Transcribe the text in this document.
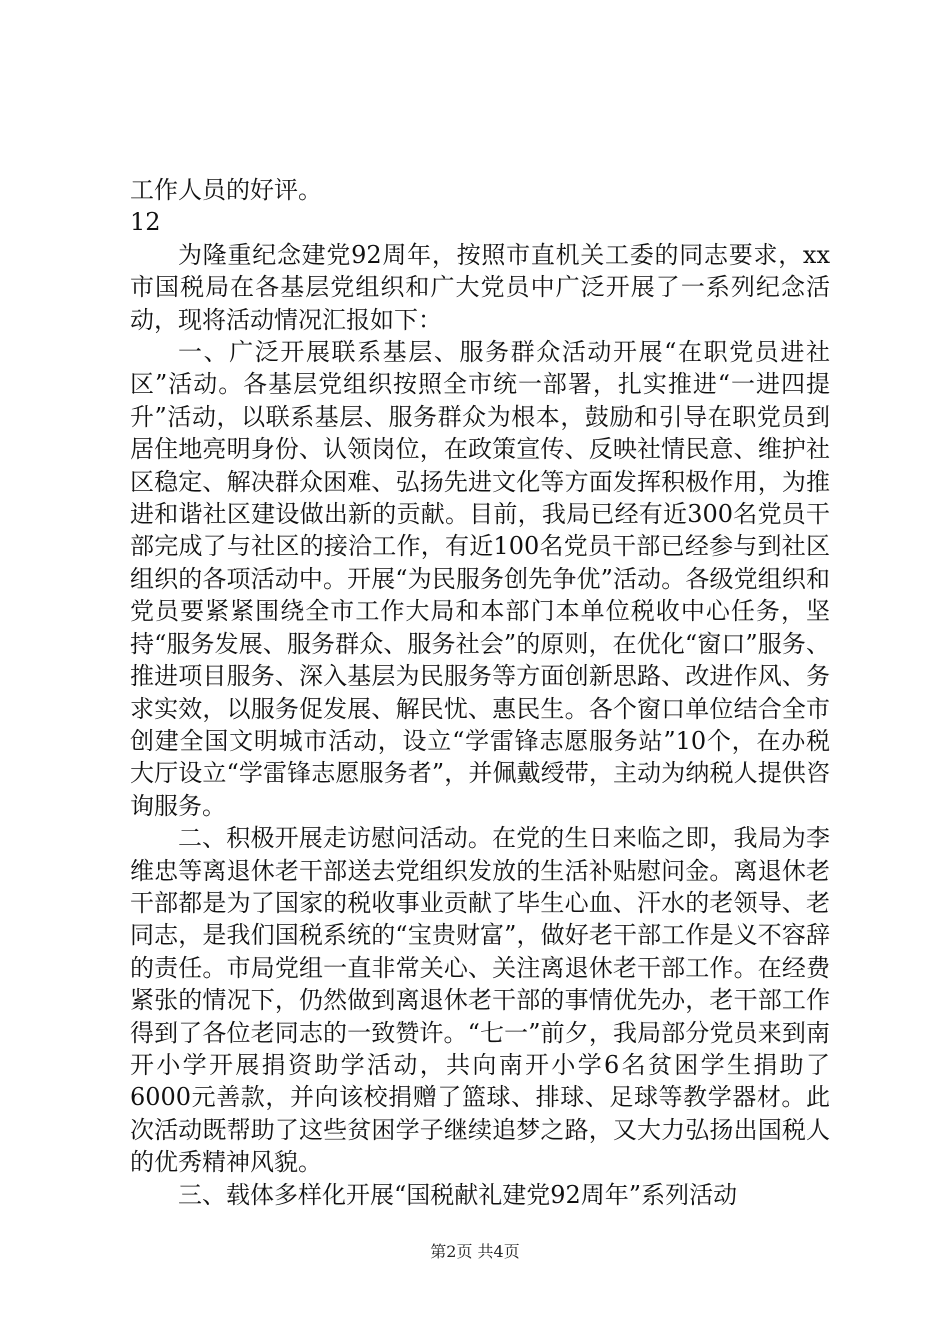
工作人员的好评。

12

为隆重纪念建党92周年，按照市直机关工委的同志要求，xx市国税局在各基层党组织和广大党员中广泛开展了一系列纪念活动，现将活动情况汇报如下：

一、广泛开展联系基层、服务群众活动开展“在职党员进社区”活动。各基层党组织按照全市统一部署，扎实推进“一进四提升”活动，以联系基层、服务群众为根本，鼓励和引导在职党员到居住地亮明身份、认领岗位，在政策宣传、反映社情民意、维护社区稳定、解决群众困难、弘扬先进文化等方面发挥积极作用，为推进和谐社区建设做出新的贡献。目前，我局已经有近300名党员干部完成了与社区的接洽工作，有近100名党员干部已经参与到社区组织的各项活动中。开展“为民服务创先争优”活动。各级党组织和党员要紧紧围绕全市工作大局和本部门本单位税收中心任务，坚持“服务发展、服务群众、服务社会”的原则，在优化“窗口”服务、推进项目服务、深入基层为民服务等方面创新思路、改进作风、务求实效，以服务促发展、解民忧、惠民生。各个窗口单位结合全市创建全国文明城市活动，设立“学雷锋志愿服务站”10个，在办税大厅设立“学雷锋志愿服务者”，并佩戴绶带，主动为纳税人提供咨询服务。

二、积极开展走访慰问活动。在党的生日来临之即，我局为李维忠等离退休老干部送去党组织发放的生活补贴慰问金。离退休老干部都是为了国家的税收事业贡献了毕生心血、汗水的老领导、老同志，是我们国税系统的“宝贵财富”，做好老干部工作是义不容辞的责任。市局党组一直非常关心、关注离退休老干部工作。在经费紧张的情况下，仍然做到离退休老干部的事情优先办，老干部工作得到了各位老同志的一致赞许。“七一”前夕，我局部分党员来到南开小学开展捐资助学活动，共向南开小学6名贫困学生捐助了6000元善款，并向该校捐赠了篮球、排球、足球等教学器材。此次活动既帮助了这些贫困学子继续追梦之路，又大力弘扬出国税人的优秀精神风貌。

三、载体多样化开展“国税献礼建党92周年”系列活动

第2页 共4页
